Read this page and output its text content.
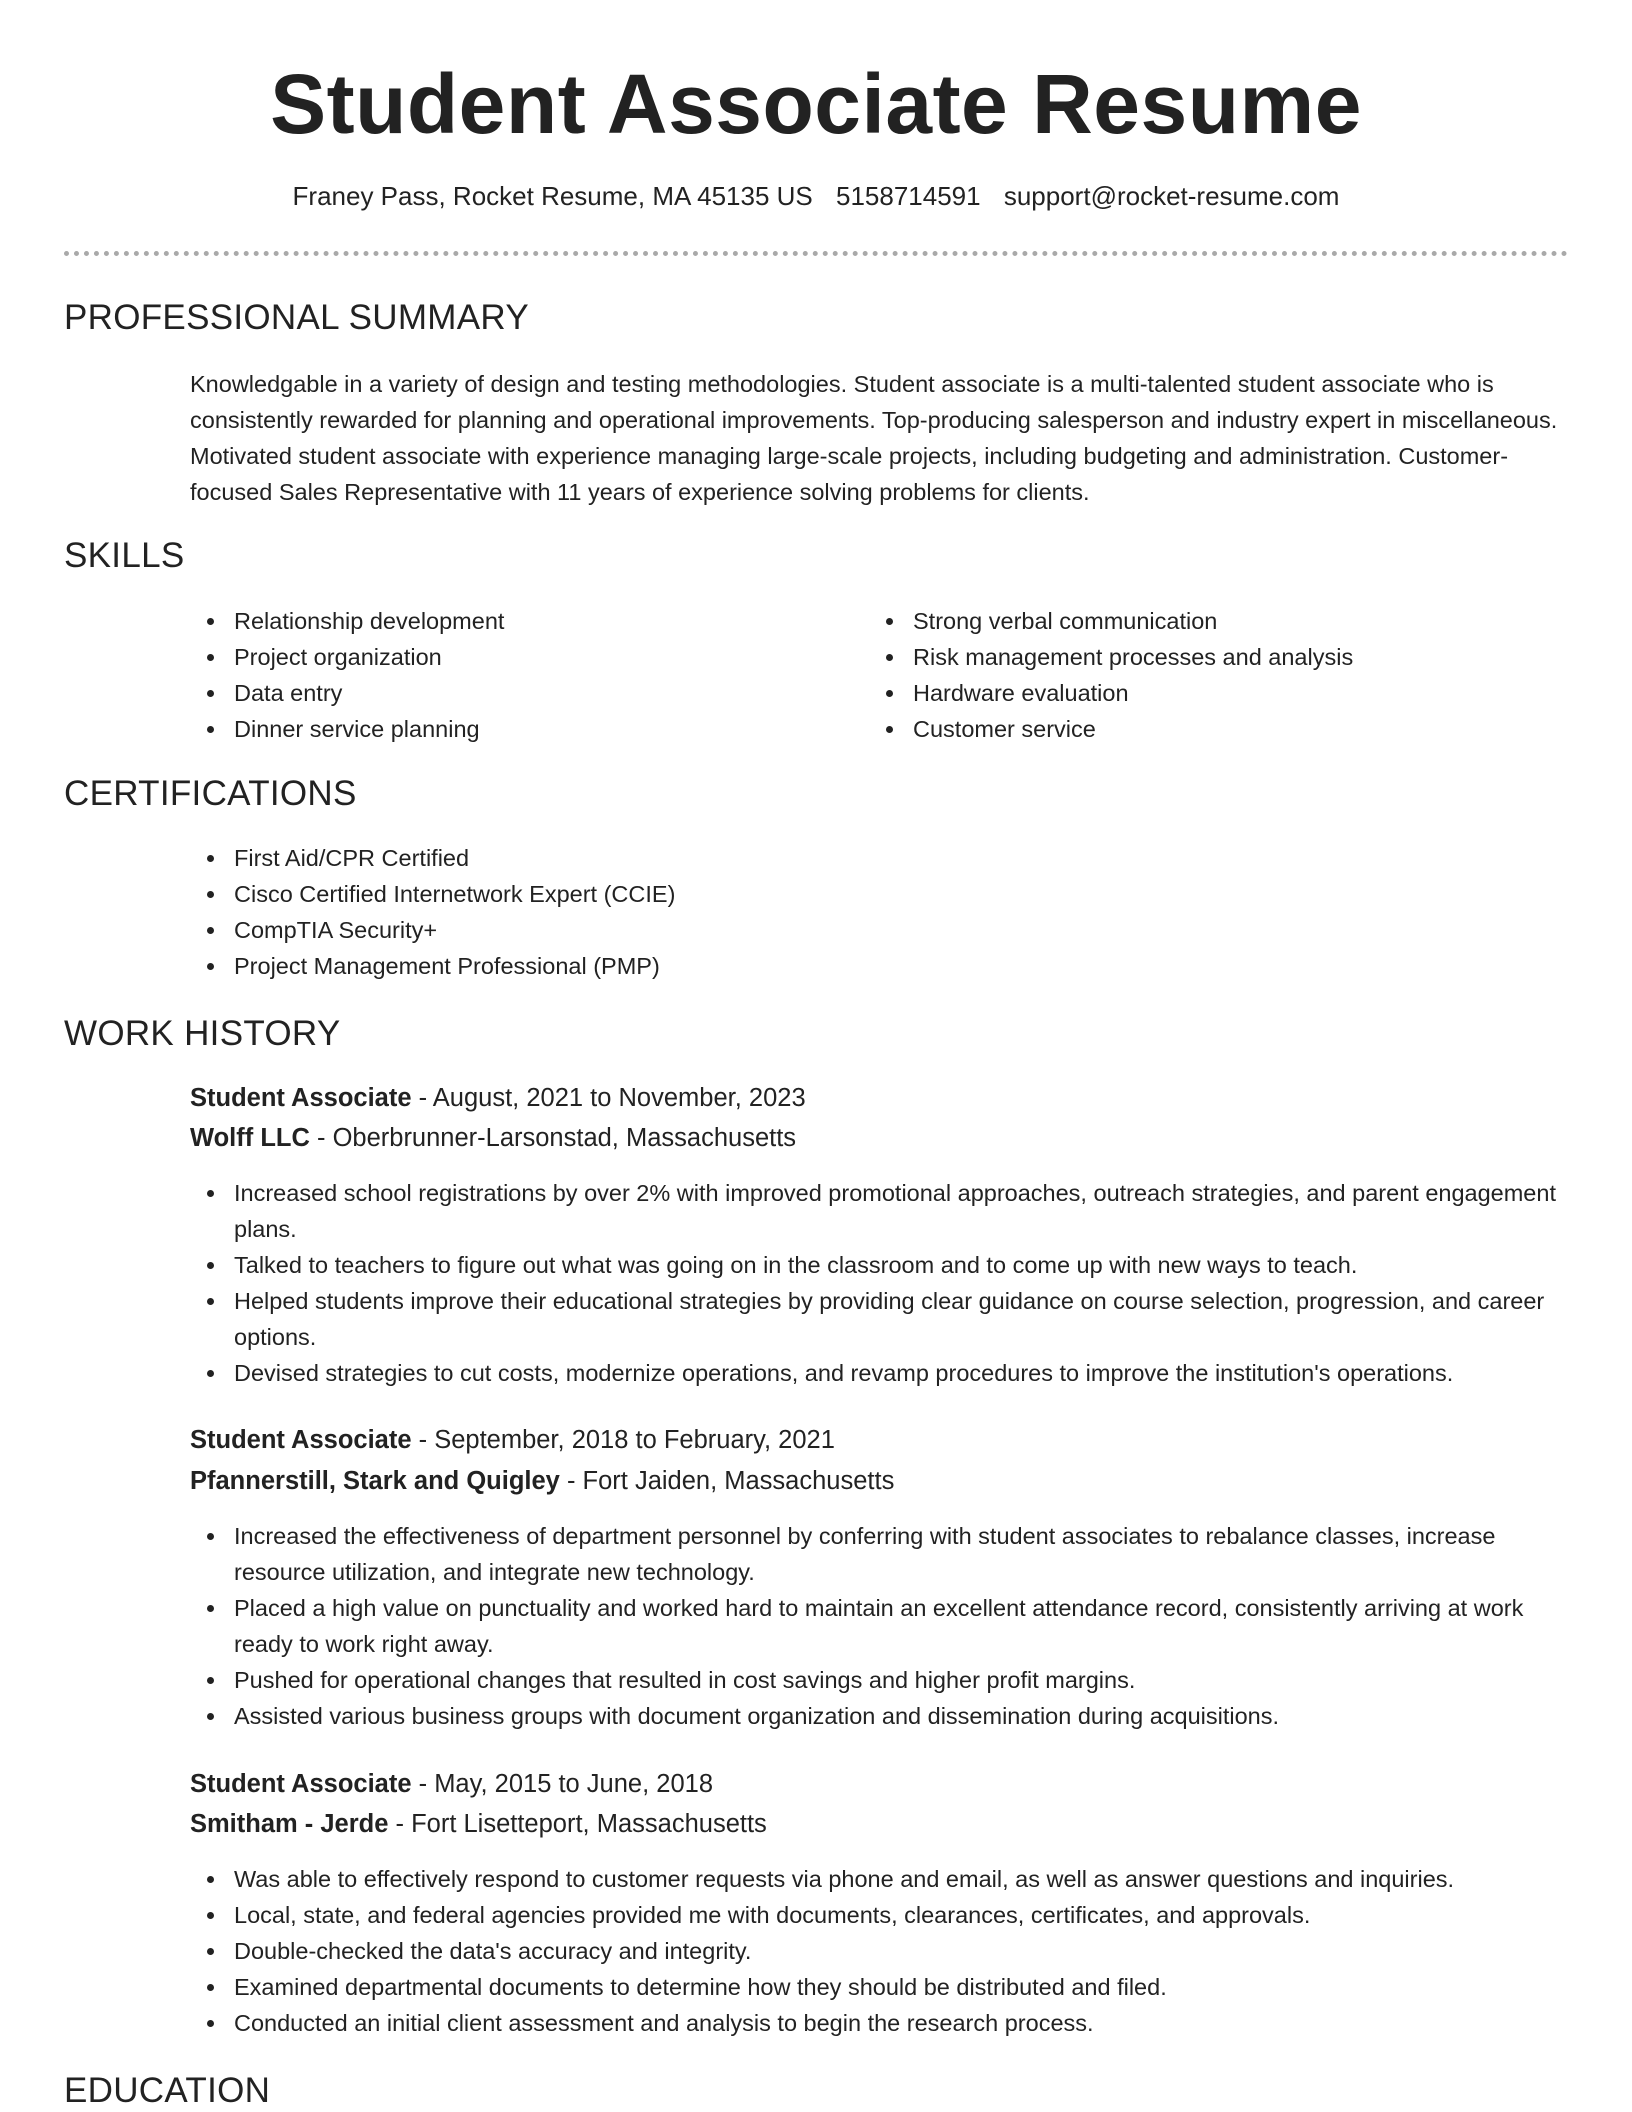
Student Associate Resume
Franey Pass, Rocket Resume, MA 45135 US 5158714591 support@rocket-resume.com
PROFESSIONAL SUMMARY

Knowledgable in a variety of design and testing methodologies. Student associate is a multi-talented student associate who is consistently rewarded for planning and operational improvements. Top-producing salesperson and industry expert in miscellaneous. Motivated student associate with experience managing large-scale projects, including budgeting and administration. Customer-focused Sales Representative with 11 years of experience solving problems for clients.

SKILLS
Relationship development
Project organization
Data entry
Dinner service planning
Strong verbal communication
Risk management processes and analysis
Hardware evaluation
Customer service
CERTIFICATIONS
First Aid/CPR Certified
Cisco Certified Internetwork Expert (CCIE)
CompTIA Security+
Project Management Professional (PMP)
WORK HISTORY
Student Associate - August, 2021 to November, 2023
Wolff LLC - Oberbrunner-Larsonstad, Massachusetts
Increased school registrations by over 2% with improved promotional approaches, outreach strategies, and parent engagement plans.
Talked to teachers to figure out what was going on in the classroom and to come up with new ways to teach.
Helped students improve their educational strategies by providing clear guidance on course selection, progression, and career options.
Devised strategies to cut costs, modernize operations, and revamp procedures to improve the institution's operations.
Student Associate - September, 2018 to February, 2021
Pfannerstill, Stark and Quigley - Fort Jaiden, Massachusetts
Increased the effectiveness of department personnel by conferring with student associates to rebalance classes, increase resource utilization, and integrate new technology.
Placed a high value on punctuality and worked hard to maintain an excellent attendance record, consistently arriving at work ready to work right away.
Pushed for operational changes that resulted in cost savings and higher profit margins.
Assisted various business groups with document organization and dissemination during acquisitions.
Student Associate - May, 2015 to June, 2018
Smitham - Jerde - Fort Lisetteport, Massachusetts
Was able to effectively respond to customer requests via phone and email, as well as answer questions and inquiries.
Local, state, and federal agencies provided me with documents, clearances, certificates, and approvals.
Double-checked the data's accuracy and integrity.
Examined departmental documents to determine how they should be distributed and filed.
Conducted an initial client assessment and analysis to begin the research process.
EDUCATION
